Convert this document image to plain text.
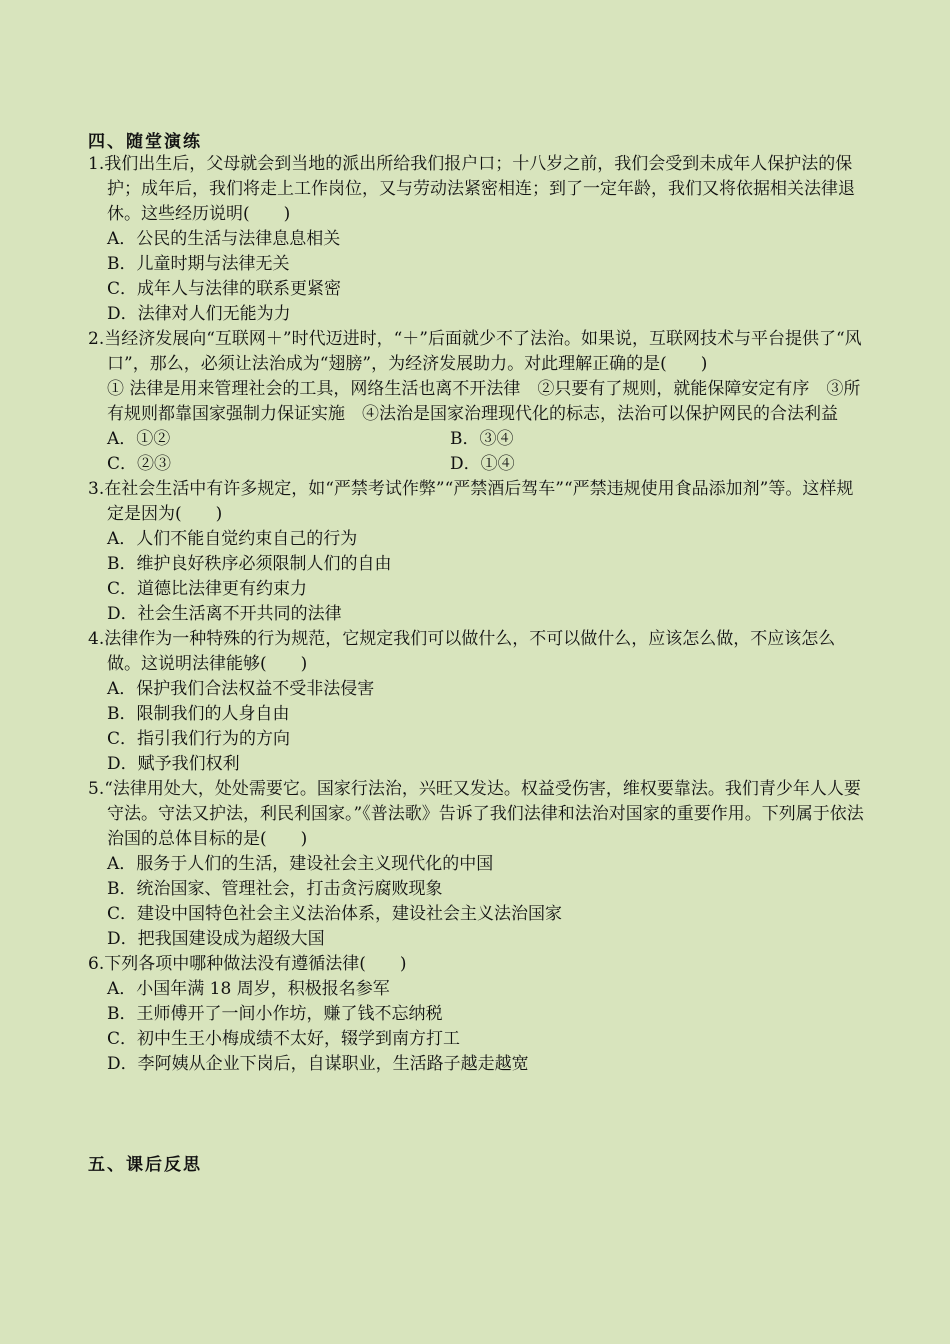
四、随堂演练

1.我们出生后，父母就会到当地的派出所给我们报户口；十八岁之前，我们会受到未成年人保护法的保护；成年后，我们将走上工作岗位，又与劳动法紧密相连；到了一定年龄，我们又将依据相关法律退休。这些经历说明(　　)

A．公民的生活与法律息息相关

B．儿童时期与法律无关

C．成年人与法律的联系更紧密

D．法律对人们无能为力

2.当经济发展向“互联网＋”时代迈进时，“＋”后面就少不了法治。如果说，互联网技术与平台提供了“风口”，那么，必须让法治成为“翅膀”，为经济发展助力。对此理解正确的是(　　)

① 法律是用来管理社会的工具，网络生活也离不开法律　②只要有了规则，就能保障安定有序　③所有规则都靠国家强制力保证实施　④法治是国家治理现代化的标志，法治可以保护网民的合法利益

A．①②	B．③④

C．②③	D．①④

3.在社会生活中有许多规定，如“严禁考试作弊”“严禁酒后驾车”“严禁违规使用食品添加剂”等。这样规定是因为(　　)

A．人们不能自觉约束自己的行为

B．维护良好秩序必须限制人们的自由

C．道德比法律更有约束力

D．社会生活离不开共同的法律

4.法律作为一种特殊的行为规范，它规定我们可以做什么，不可以做什么，应该怎么做，不应该怎么做。这说明法律能够(　　)

A．保护我们合法权益不受非法侵害

B．限制我们的人身自由

C．指引我们行为的方向

D．赋予我们权利

5.“法律用处大，处处需要它。国家行法治，兴旺又发达。权益受伤害，维权要靠法。我们青少年人人要守法。守法又护法，利民利国家。”《普法歌》告诉了我们法律和法治对国家的重要作用。下列属于依法治国的总体目标的是(　　)

A．服务于人们的生活，建设社会主义现代化的中国

B．统治国家、管理社会，打击贪污腐败现象

C．建设中国特色社会主义法治体系，建设社会主义法治国家

D．把我国建设成为超级大国

6.下列各项中哪种做法没有遵循法律(　　)

A．小国年满 18 周岁，积极报名参军

B．王师傅开了一间小作坊，赚了钱不忘纳税

C．初中生王小梅成绩不太好，辍学到南方打工

D．李阿姨从企业下岗后，自谋职业，生活路子越走越宽

五、课后反思
